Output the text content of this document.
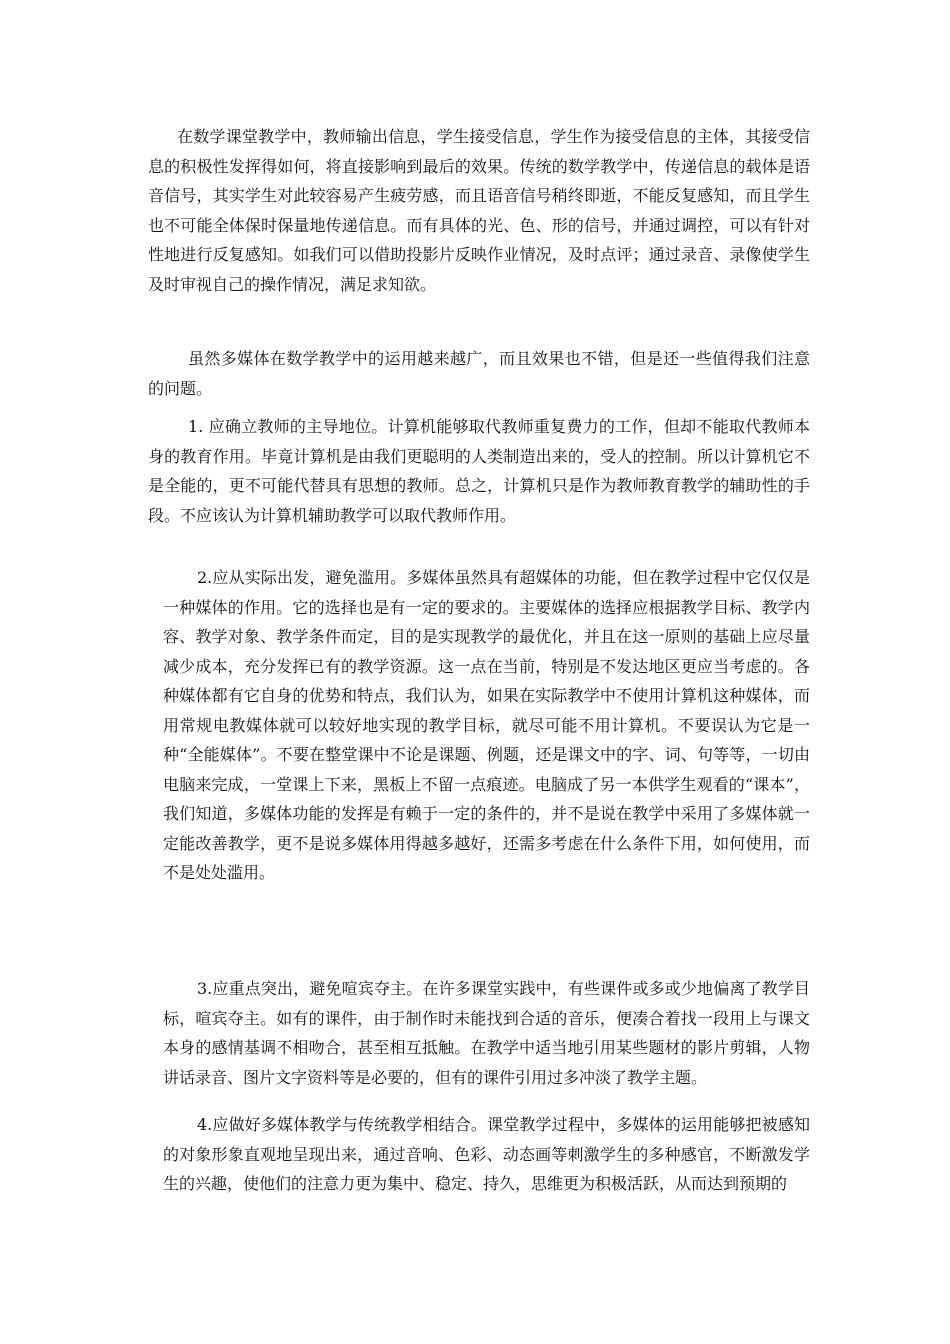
在数学课堂教学中，教师输出信息，学生接受信息，学生作为接受信息的主体，其接受信息的积极性发挥得如何，将直接影响到最后的效果。传统的数学教学中，传递信息的载体是语音信号，其实学生对此较容易产生疲劳感，而且语音信号稍终即逝，不能反复感知，而且学生也不可能全体保时保量地传递信息。而有具体的光、色、形的信号，并通过调控，可以有针对性地进行反复感知。如我们可以借助投影片反映作业情况，及时点评；通过录音、录像使学生及时审视自己的操作情况，满足求知欲。

虽然多媒体在数学教学中的运用越来越广，而且效果也不错，但是还一些值得我们注意的问题。

1. 应确立教师的主导地位。计算机能够取代教师重复费力的工作，但却不能取代教师本身的教育作用。毕竟计算机是由我们更聪明的人类制造出来的，受人的控制。所以计算机它不是全能的，更不可能代替具有思想的教师。总之，计算机只是作为教师教育教学的辅助性的手段。不应该认为计算机辅助教学可以取代教师作用。

2.应从实际出发，避免滥用。多媒体虽然具有超媒体的功能，但在教学过程中它仅仅是一种媒体的作用。它的选择也是有一定的要求的。主要媒体的选择应根据教学目标、教学内容、教学对象、教学条件而定，目的是实现教学的最优化，并且在这一原则的基础上应尽量减少成本，充分发挥已有的教学资源。这一点在当前，特别是不发达地区更应当考虑的。各种媒体都有它自身的优势和特点，我们认为，如果在实际教学中不使用计算机这种媒体，而用常规电教媒体就可以较好地实现的教学目标，就尽可能不用计算机。不要误认为它是一种“全能媒体”。不要在整堂课中不论是课题、例题，还是课文中的字、词、句等等，一切由电脑来完成，一堂课上下来，黑板上不留一点痕迹。电脑成了另一本供学生观看的“课本”，我们知道，多媒体功能的发挥是有赖于一定的条件的，并不是说在教学中采用了多媒体就一定能改善教学，更不是说多媒体用得越多越好，还需多考虑在什么条件下用，如何使用，而不是处处滥用。

3.应重点突出，避免喧宾夺主。在许多课堂实践中，有些课件或多或少地偏离了教学目标，喧宾夺主。如有的课件，由于制作时未能找到合适的音乐，便凑合着找一段用上与课文本身的感情基调不相吻合，甚至相互抵触。在教学中适当地引用某些题材的影片剪辑，人物讲话录音、图片文字资料等是必要的，但有的课件引用过多冲淡了教学主题。

4.应做好多媒体教学与传统教学相结合。课堂教学过程中，多媒体的运用能够把被感知的对象形象直观地呈现出来，通过音响、色彩、动态画等刺激学生的多种感官，不断激发学生的兴趣，使他们的注意力更为集中、稳定、持久，思维更为积极活跃，从而达到预期的
